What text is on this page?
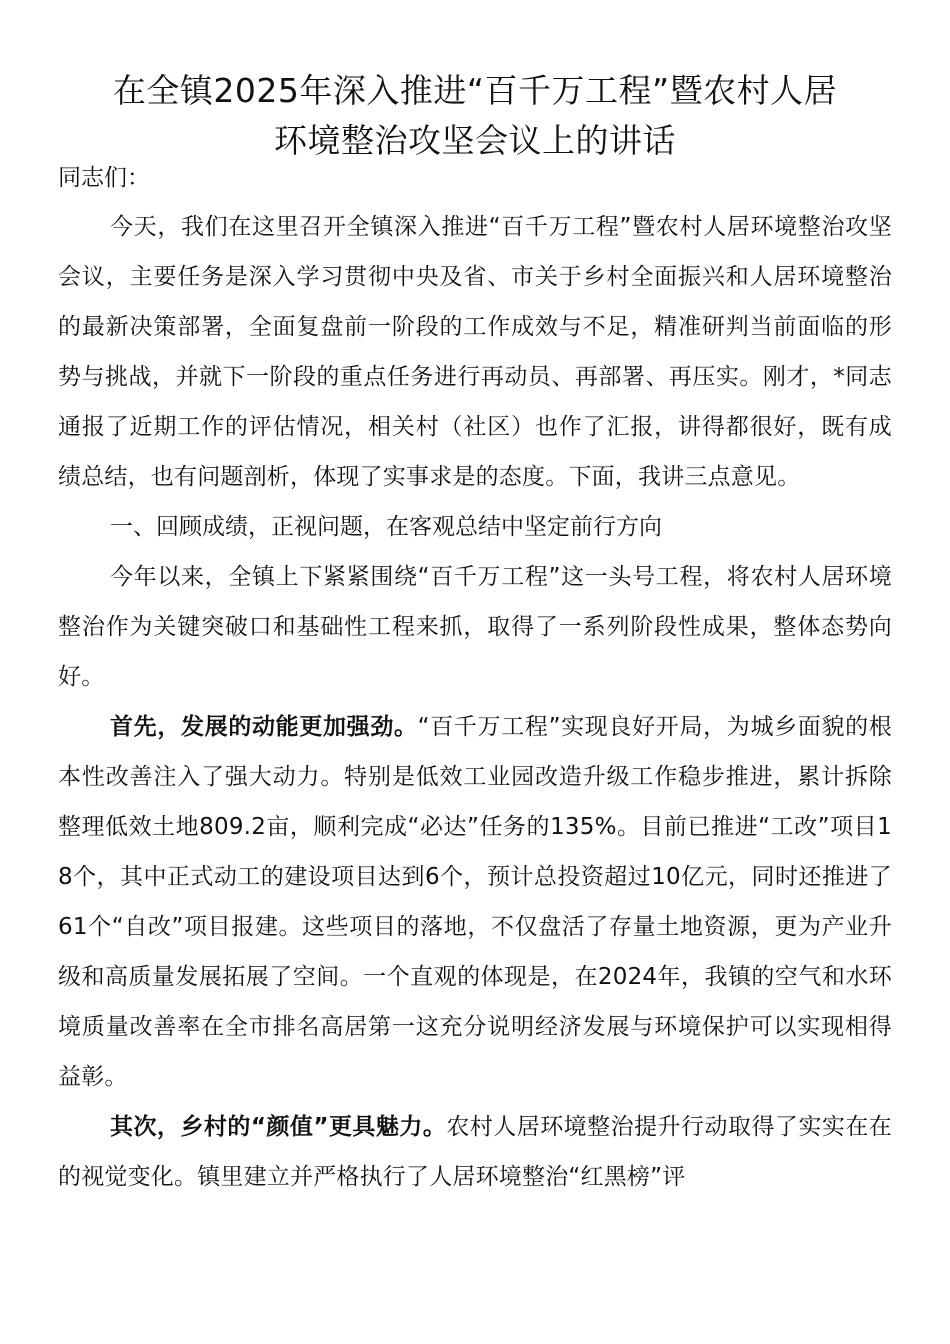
在全镇2025年深入推进“百千万工程”暨农村人居
环境整治攻坚会议上的讲话

同志们：

今天，我们在这里召开全镇深入推进“百千万工程”暨农村人居环境整治攻坚会议，主要任务是深入学习贯彻中央及省、市关于乡村全面振兴和人居环境整治的最新决策部署，全面复盘前一阶段的工作成效与不足，精准研判当前面临的形势与挑战，并就下一阶段的重点任务进行再动员、再部署、再压实。刚才，*同志通报了近期工作的评估情况，相关村（社区）也作了汇报，讲得都很好，既有成绩总结，也有问题剖析，体现了实事求是的态度。下面，我讲三点意见。

一、回顾成绩，正视问题，在客观总结中坚定前行方向

今年以来，全镇上下紧紧围绕“百千万工程”这一头号工程，将农村人居环境整治作为关键突破口和基础性工程来抓，取得了一系列阶段性成果，整体态势向好。

首先，发展的动能更加强劲。“百千万工程”实现良好开局，为城乡面貌的根本性改善注入了强大动力。特别是低效工业园改造升级工作稳步推进，累计拆除整理低效土地809.2亩，顺利完成“必达”任务的135%。目前已推进“工改”项目18个，其中正式动工的建设项目达到6个，预计总投资超过10亿元，同时还推进了61个“自改”项目报建。这些项目的落地，不仅盘活了存量土地资源，更为产业升级和高质量发展拓展了空间。一个直观的体现是，在2024年，我镇的空气和水环境质量改善率在全市排名高居第一这充分说明经济发展与环境保护可以实现相得益彰。

其次，乡村的“颜值”更具魅力。农村人居环境整治提升行动取得了实实在在的视觉变化。镇里建立并严格执行了人居环境整治“红黑榜”评
